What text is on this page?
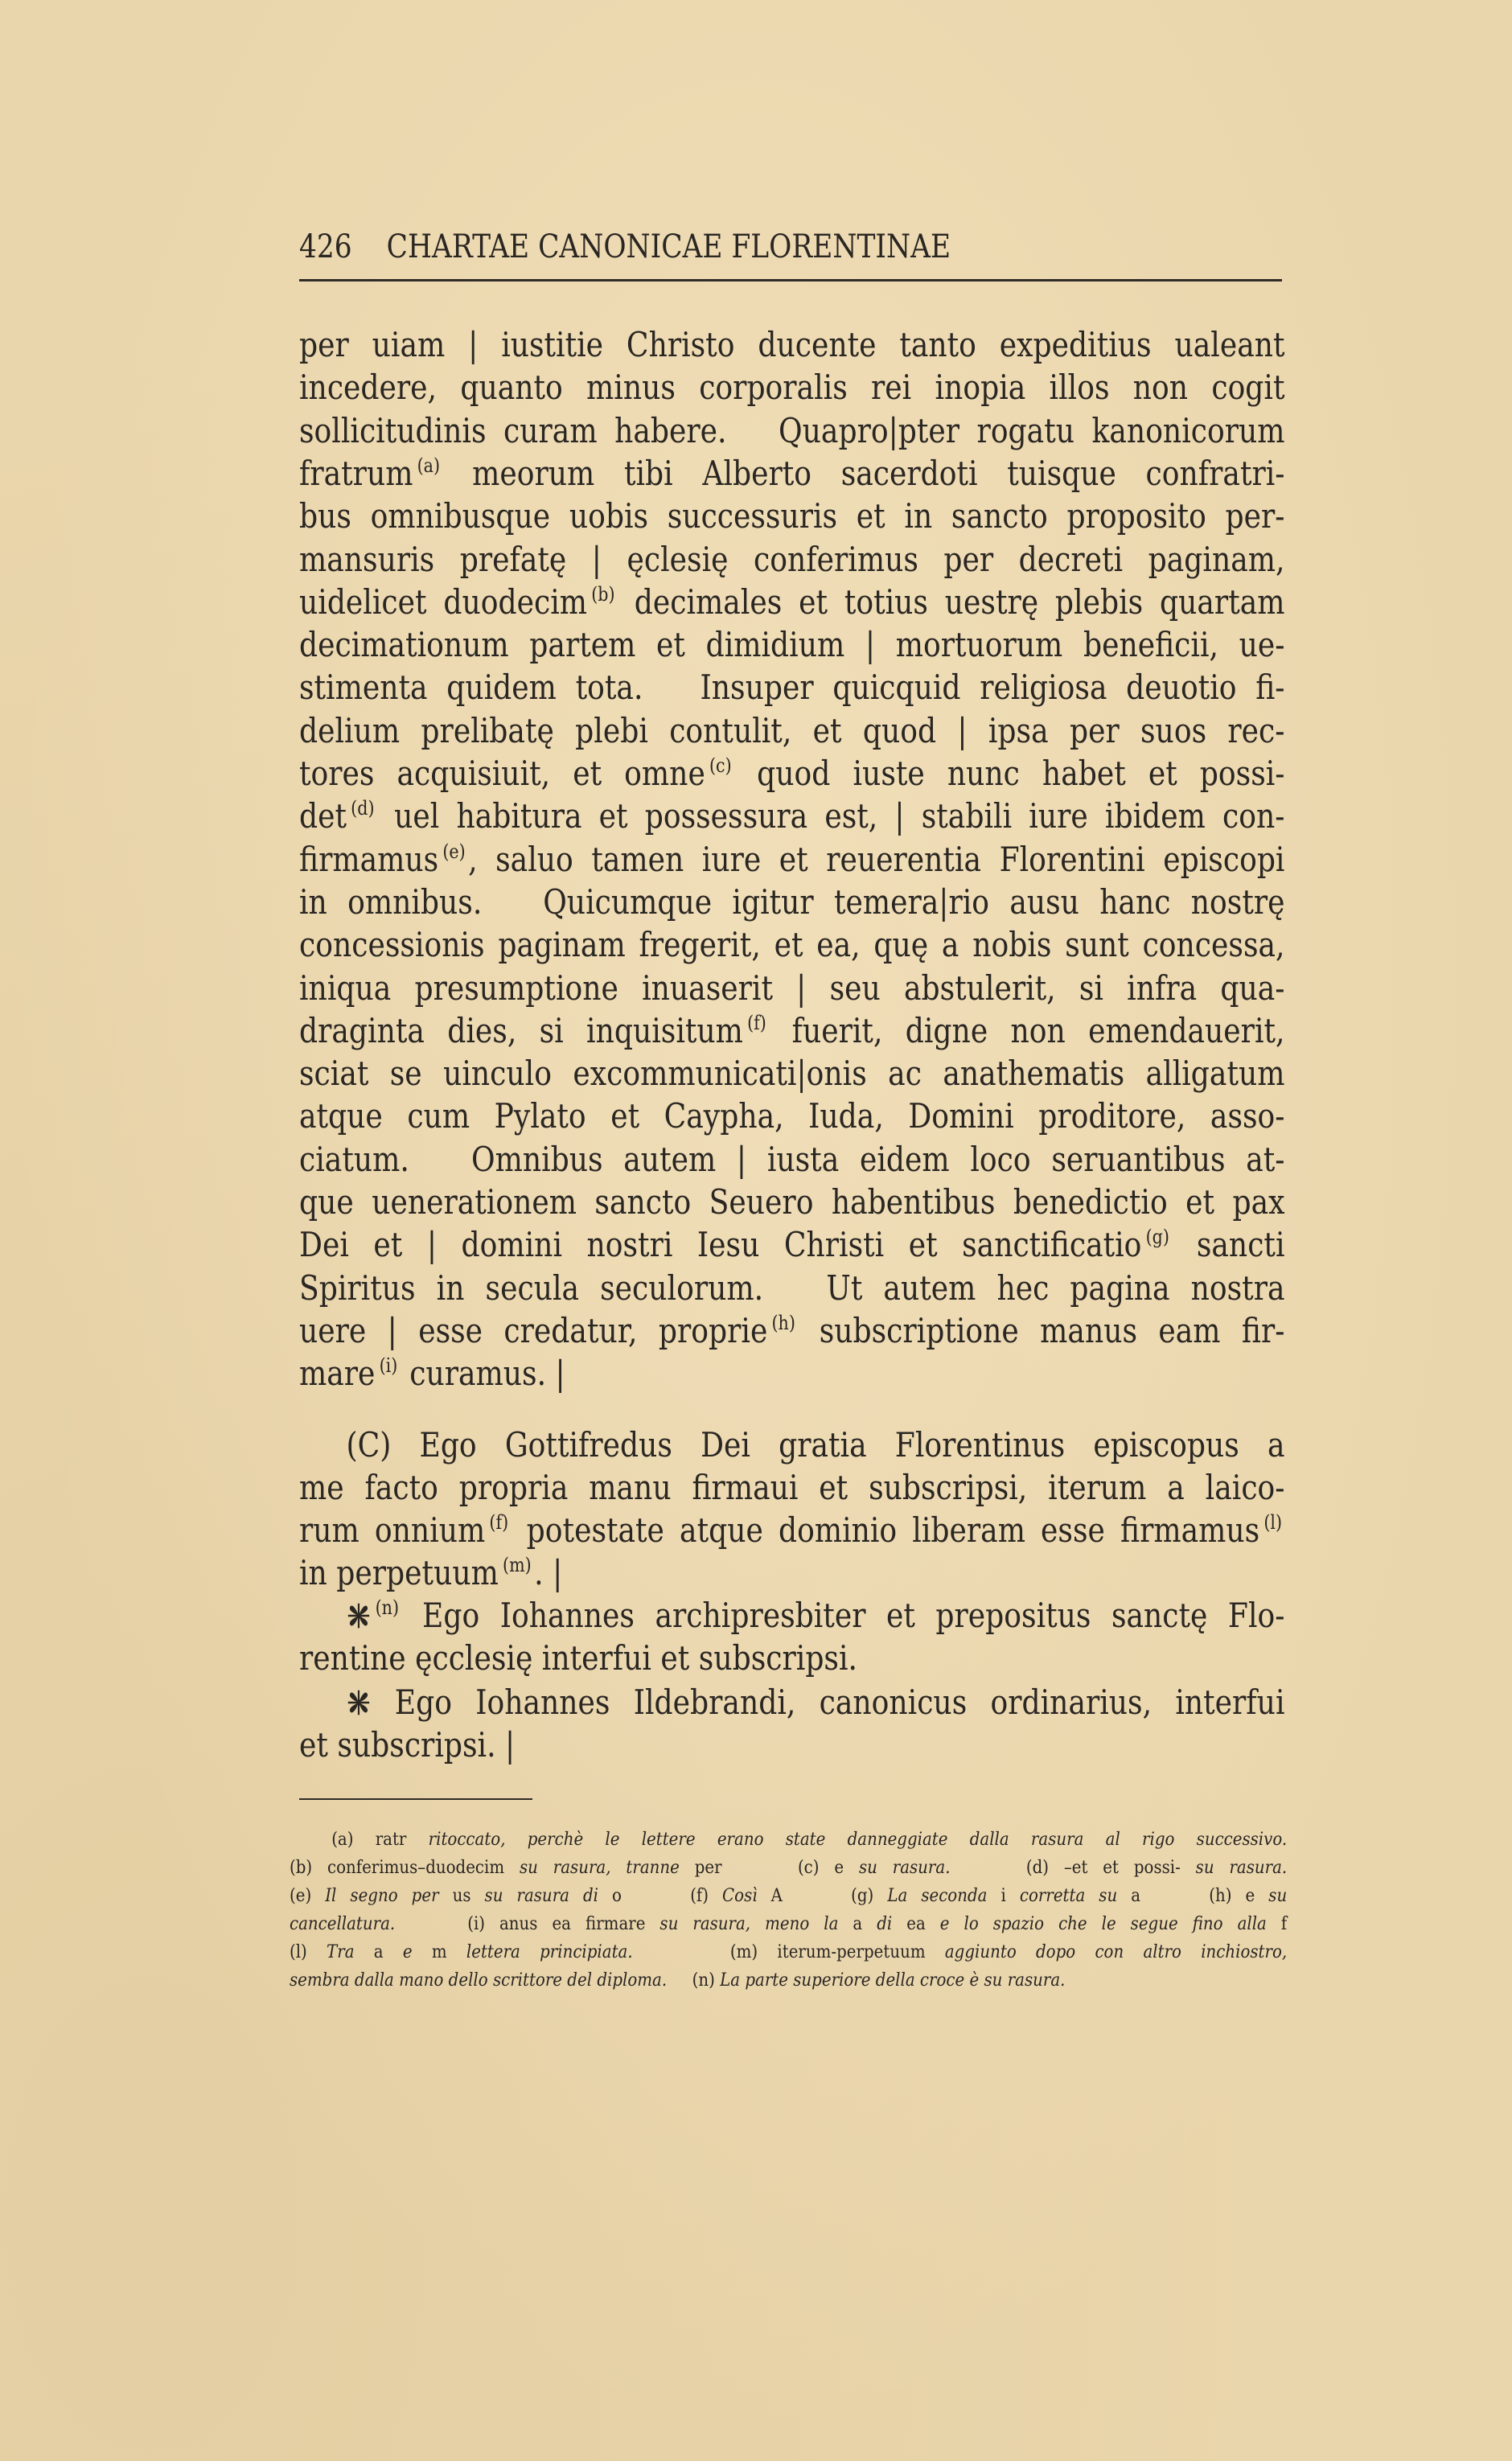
426 CHARTAE CANONICAE FLORENTINAE
per uiam | iustitie Christo ducente tanto expeditius ualeant
incedere, quanto minus corporalis rei inopia illos non cogit
sollicitudinis curam habere.   Quapro|pter rogatu kanonicorum
fratrum $^{(a)}$ meorum tibi Alberto sacerdoti tuisque confratri-
bus omnibusque uobis successuris et in sancto proposito per-
mansuris prefatę | ęclesię conferimus per decreti paginam,
uidelicet duodecim $^{(b)}$ decimales et totius uestrę plebis quartam
decimationum partem et dimidium | mortuorum beneficii, ue-
stimenta quidem tota.   Insuper quicquid religiosa deuotio fi-
delium prelibatę plebi contulit, et quod | ipsa per suos rec-
tores acquisiuit, et omne $^{(c)}$ quod iuste nunc habet et possi-
det $^{(d)}$ uel habitura et possessura est, | stabili iure ibidem con-
firmamus $^{(e)}$, saluo tamen iure et reuerentia Florentini episcopi
in omnibus.   Quicumque igitur temera|rio ausu hanc nostrę
concessionis paginam fregerit, et ea, quę a nobis sunt concessa,
iniqua presumptione inuaserit | seu abstulerit, si infra qua-
draginta dies, si inquisitum $^{(f)}$ fuerit, digne non emendauerit,
sciat se uinculo excommunicati|onis ac anathematis alligatum
atque cum Pylato et Caypha, Iuda, Domini proditore, asso-
ciatum.   Omnibus autem | iusta eidem loco seruantibus at-
que uenerationem sancto Seuero habentibus benedictio et pax
Dei et | domini nostri Iesu Christi et sanctificatio $^{(g)}$ sancti
Spiritus in secula seculorum.   Ut autem hec pagina nostra
uere | esse credatur, proprie $^{(h)}$ subscriptione manus eam fir-
mare $^{(i)}$ curamus. |
(C) Ego Gottifredus Dei gratia Florentinus episcopus a
me facto propria manu firmaui et subscripsi, iterum a laico-
rum onnium $^{(f)}$ potestate atque dominio liberam esse firmamus $^{(l)}$
in perpetuum $^{(m)}$. |
$^{(n)}$ Ego Iohannes archipresbiter et prepositus sanctę Flo-
rentine ęcclesię interfui et subscripsi.
Ego Iohannes Ildebrandi, canonicus ordinarius, interfui
et subscripsi. |
(a) ratr ritoccato, perchè le lettere erano state danneggiate dalla rasura al rigo successivo.
(b) conferimus–duodecim su rasura, tranne per     (c) e su rasura.     (d) –et et possi- su rasura.
(e) Il segno per us su rasura di o     (f) Così A     (g) La seconda i corretta su a     (h) e su
cancellatura.     (i) anus ea firmare su rasura, meno la a di ea e lo spazio che le segue fino alla f
(l) Tra a e m lettera principiata.     (m) iterum-perpetuum aggiunto dopo con altro inchiostro,
sembra dalla mano dello scrittore del diploma.     (n) La parte superiore della croce è su rasura.
